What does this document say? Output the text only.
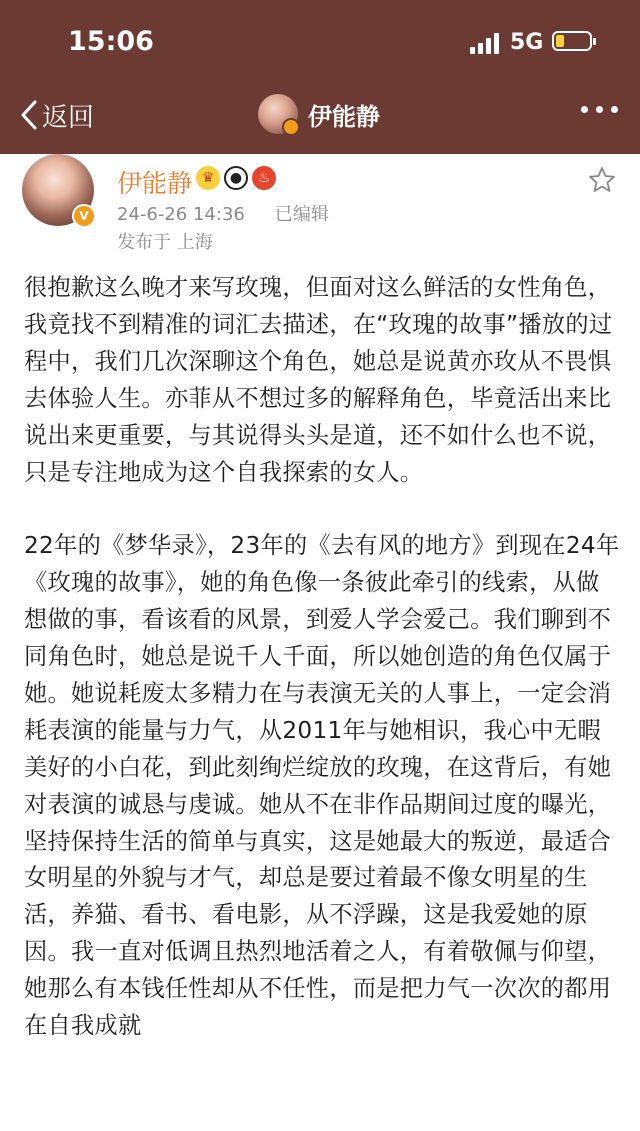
15:06	5G
返回	伊能静
V
伊能静 ♛	●	♨
24-6-26 14:36 已编辑
发布于 上海

很抱歉这么晚才来写玫瑰，但面对这么鲜活的女性角色，我竟找不到精准的词汇去描述，在“玫瑰的故事”播放的过程中，我们几次深聊这个角色，她总是说黄亦玫从不畏惧去体验人生。亦菲从不想过多的解释角色，毕竟活出来比说出来更重要，与其说得头头是道，还不如什么也不说，只是专注地成为这个自我探索的女人。

22年的《梦华录》，23年的《去有风的地方》到现在24年《玫瑰的故事》，她的角色像一条彼此牵引的线索，从做想做的事，看该看的风景，到爱人学会爱己。我们聊到不同角色时，她总是说千人千面，所以她创造的角色仅属于她。她说耗废太多精力在与表演无关的人事上，一定会消耗表演的能量与力气，从2011年与她相识，我心中无暇美好的小白花，到此刻绚烂绽放的玫瑰，在这背后，有她对表演的诚恳与虔诚。她从不在非作品期间过度的曝光，坚持保持生活的简单与真实，这是她最大的叛逆，最适合女明星的外貌与才气，却总是要过着最不像女明星的生活，养猫、看书、看电影，从不浮躁，这是我爱她的原因。我一直对低调且热烈地活着之人，有着敬佩与仰望，她那么有本钱任性却从不任性，而是把力气一次次的都用在自我成就
